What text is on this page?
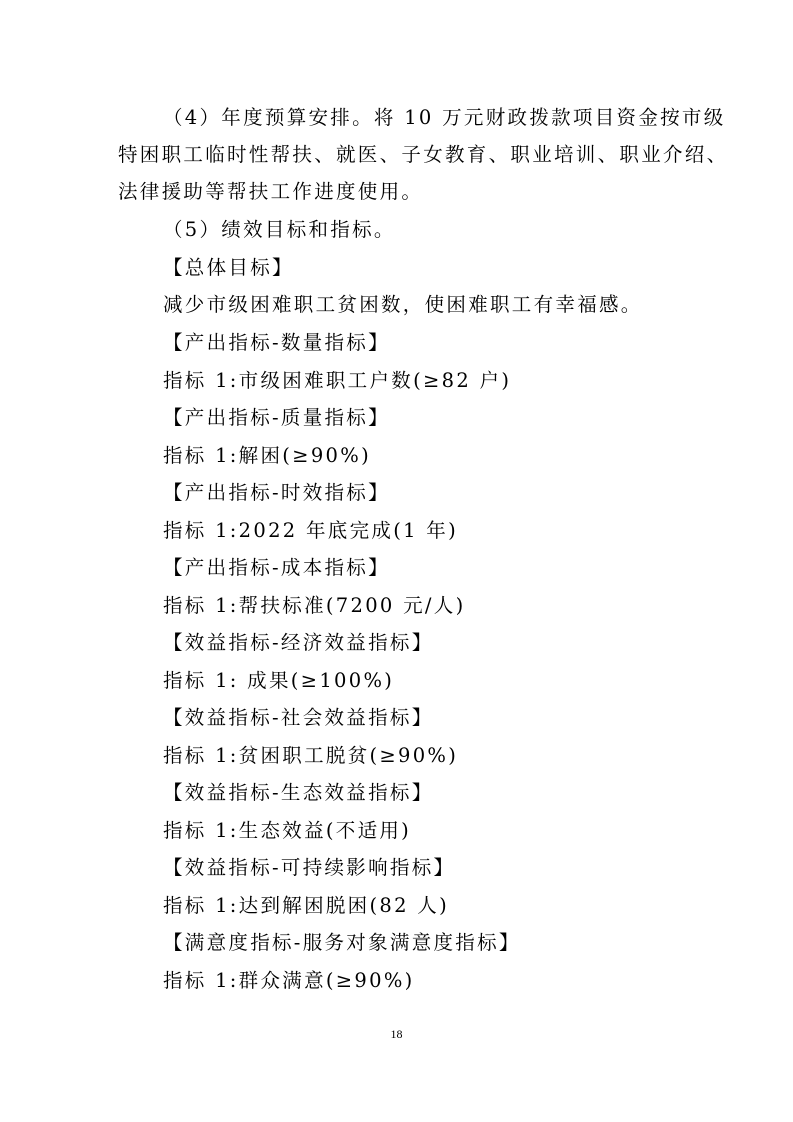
（4）年度预算安排。将 10 万元财政拨款项目资金按市级
特困职工临时性帮扶、就医、子女教育、职业培训、职业介绍、
法律援助等帮扶工作进度使用。
（5）绩效目标和指标。
【总体目标】
减少市级困难职工贫困数，使困难职工有幸福感。
【产出指标-数量指标】
指标 1:市级困难职工户数(≥82 户)
【产出指标-质量指标】
指标 1:解困(≥90%)
【产出指标-时效指标】
指标 1:2022 年底完成(1 年)
【产出指标-成本指标】
指标 1:帮扶标准(7200 元/人)
【效益指标-经济效益指标】
指标 1: 成果(≥100%)
【效益指标-社会效益指标】
指标 1:贫困职工脱贫(≥90%)
【效益指标-生态效益指标】
指标 1:生态效益(不适用)
【效益指标-可持续影响指标】
指标 1:达到解困脱困(82 人)
【满意度指标-服务对象满意度指标】
指标 1:群众满意(≥90%)
18
